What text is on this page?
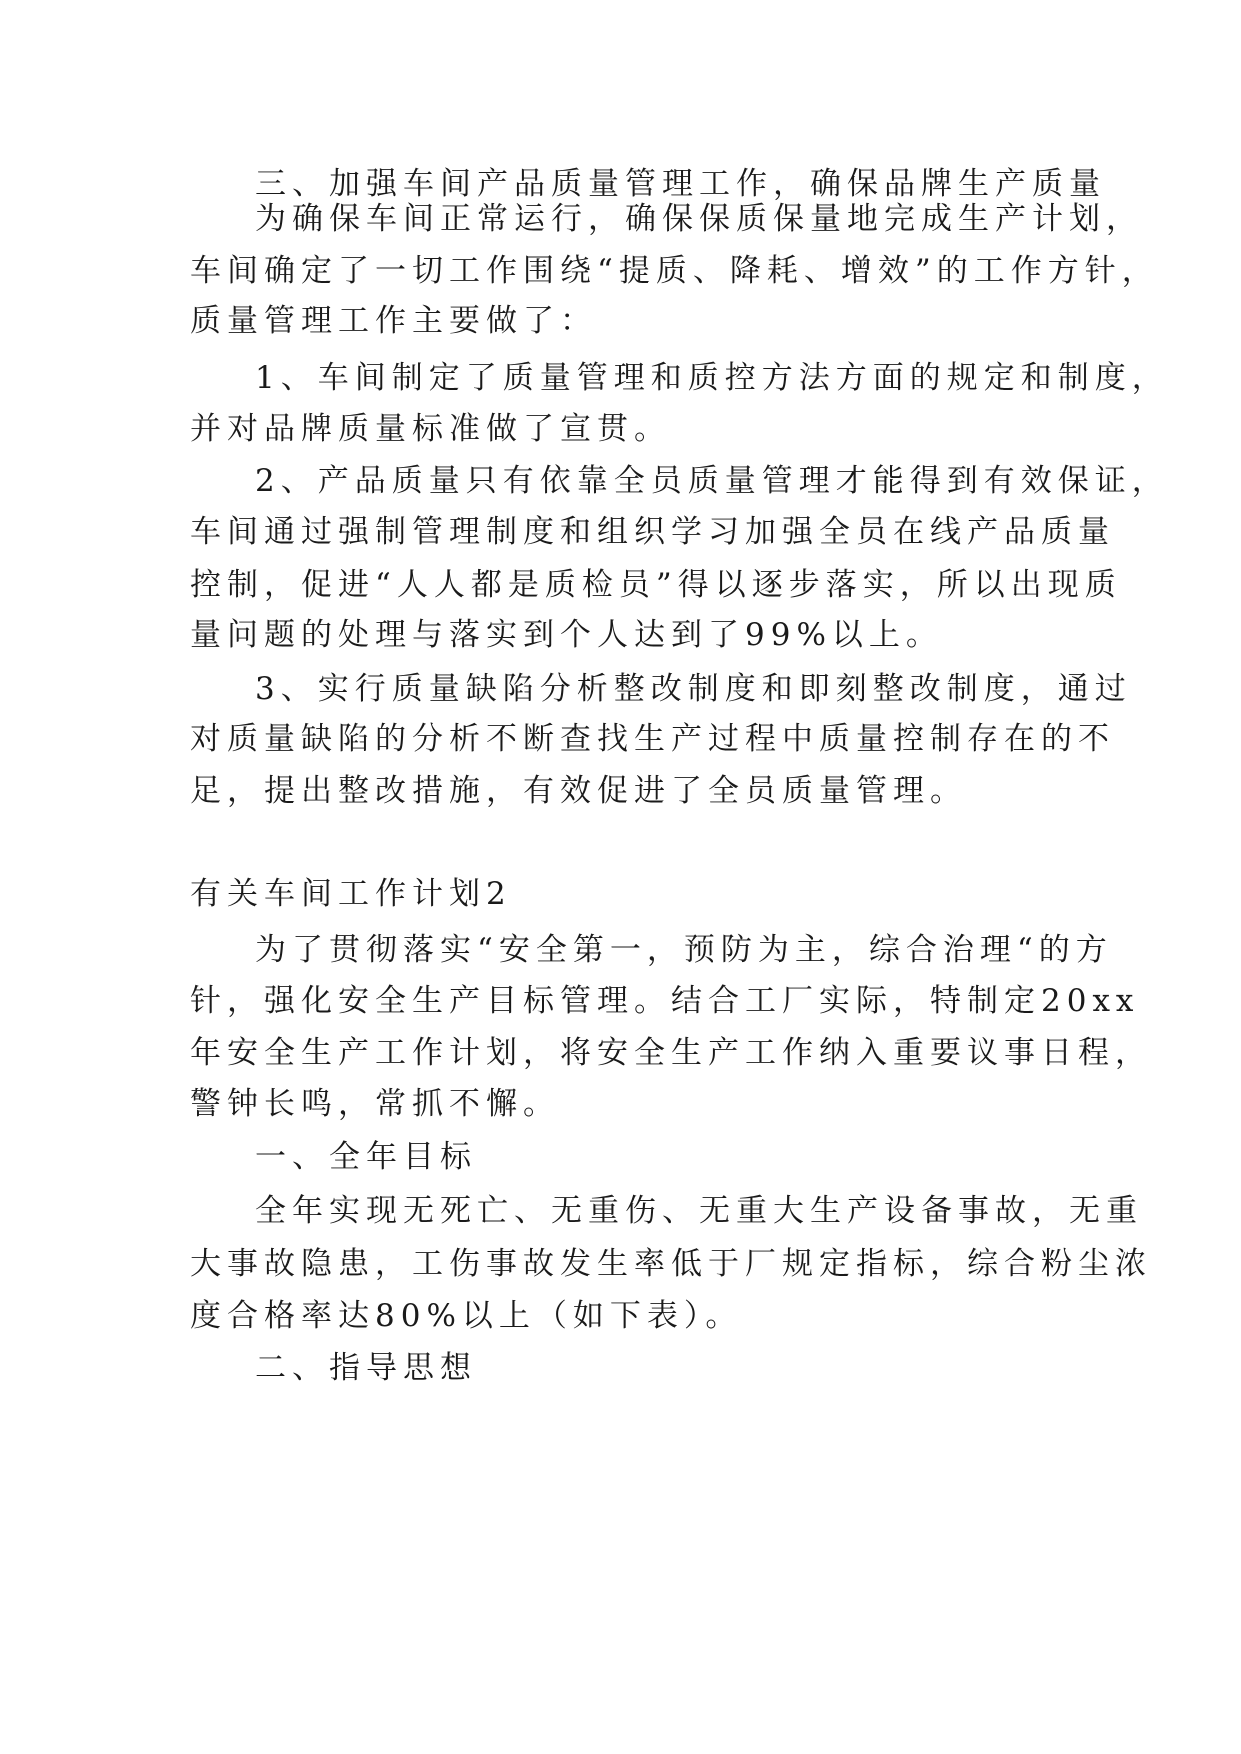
三、加强车间产品质量管理工作，确保品牌生产质量
为确保车间正常运行，确保保质保量地完成生产计划，
车间确定了一切工作围绕“提质、降耗、增效”的工作方针，
质量管理工作主要做了：
1、车间制定了质量管理和质控方法方面的规定和制度，
并对品牌质量标准做了宣贯。
2、产品质量只有依靠全员质量管理才能得到有效保证，
车间通过强制管理制度和组织学习加强全员在线产品质量
控制，促进“人人都是质检员”得以逐步落实，所以出现质
量问题的处理与落实到个人达到了99%以上。
3、实行质量缺陷分析整改制度和即刻整改制度，通过
对质量缺陷的分析不断查找生产过程中质量控制存在的不
足，提出整改措施，有效促进了全员质量管理。
有关车间工作计划2
为了贯彻落实“安全第一，预防为主，综合治理“的方
针，强化安全生产目标管理。结合工厂实际，特制定20xx
年安全生产工作计划，将安全生产工作纳入重要议事日程，
警钟长鸣，常抓不懈。
一、全年目标
全年实现无死亡、无重伤、无重大生产设备事故，无重
大事故隐患，工伤事故发生率低于厂规定指标，综合粉尘浓
度合格率达80%以上（如下表）。
二、指导思想
